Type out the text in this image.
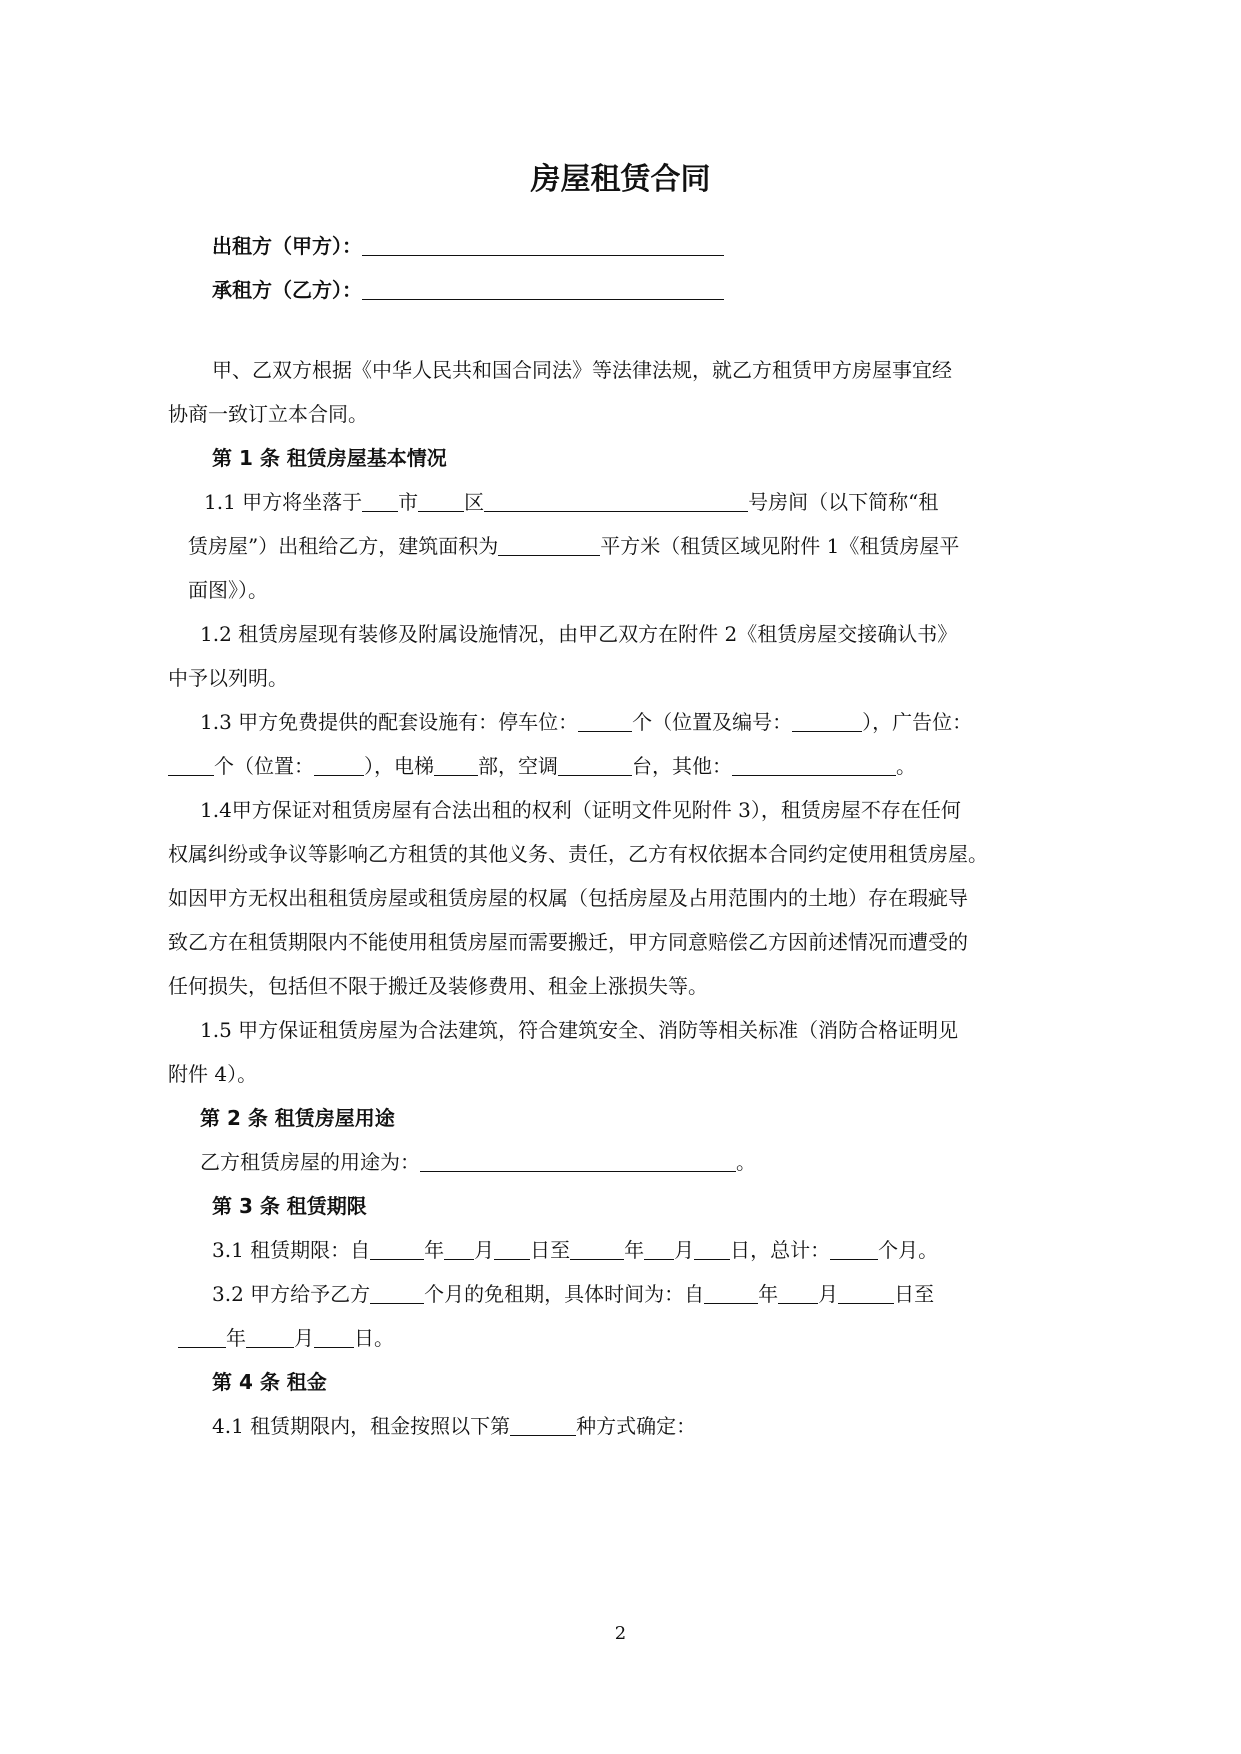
房屋租赁合同
出租方（甲方）：
承租方（乙方）：
甲、乙双方根据《中华人民共和国合同法》等法律法规，就乙方租赁甲方房屋事宜经
协商一致订立本合同。
第 1 条 租赁房屋基本情况
1.1 甲方将坐落于 市 区	号房间（以下简称“租
赁房屋”）出租给乙方，建筑面积为	平方米（租赁区域见附件 1《租赁房屋平
面图》）。
1.2 租赁房屋现有装修及附属设施情况，由甲乙双方在附件 2《租赁房屋交接确认书》
中予以列明。
1.3 甲方免费提供的配套设施有：停车位：	个（位置及编号：	），广告位：
个（位置：	），电梯 部，空调	台，其他：	。
1.4甲方保证对租赁房屋有合法出租的权利（证明文件见附件 3），租赁房屋不存在任何
权属纠纷或争议等影响乙方租赁的其他义务、责任，乙方有权依据本合同约定使用租赁房屋。
如因甲方无权出租租赁房屋或租赁房屋的权属（包括房屋及占用范围内的土地）存在瑕疵导
致乙方在租赁期限内不能使用租赁房屋而需要搬迁，甲方同意赔偿乙方因前述情况而遭受的
任何损失，包括但不限于搬迁及装修费用、租金上涨损失等。
1.5 甲方保证租赁房屋为合法建筑，符合建筑安全、消防等相关标准（消防合格证明见
附件 4）。
第 2 条 租赁房屋用途
乙方租赁房屋的用途为：	。
第 3 条 租赁期限
3.1 租赁期限：自	年 月 日至	年 月 日，总计： 个月。
3.2 甲方给予乙方	个月的免租期，具体时间为：自	年 月	日至
年 月 日。
第 4 条 租金
4.1 租赁期限内，租金按照以下第	种方式确定：
2
